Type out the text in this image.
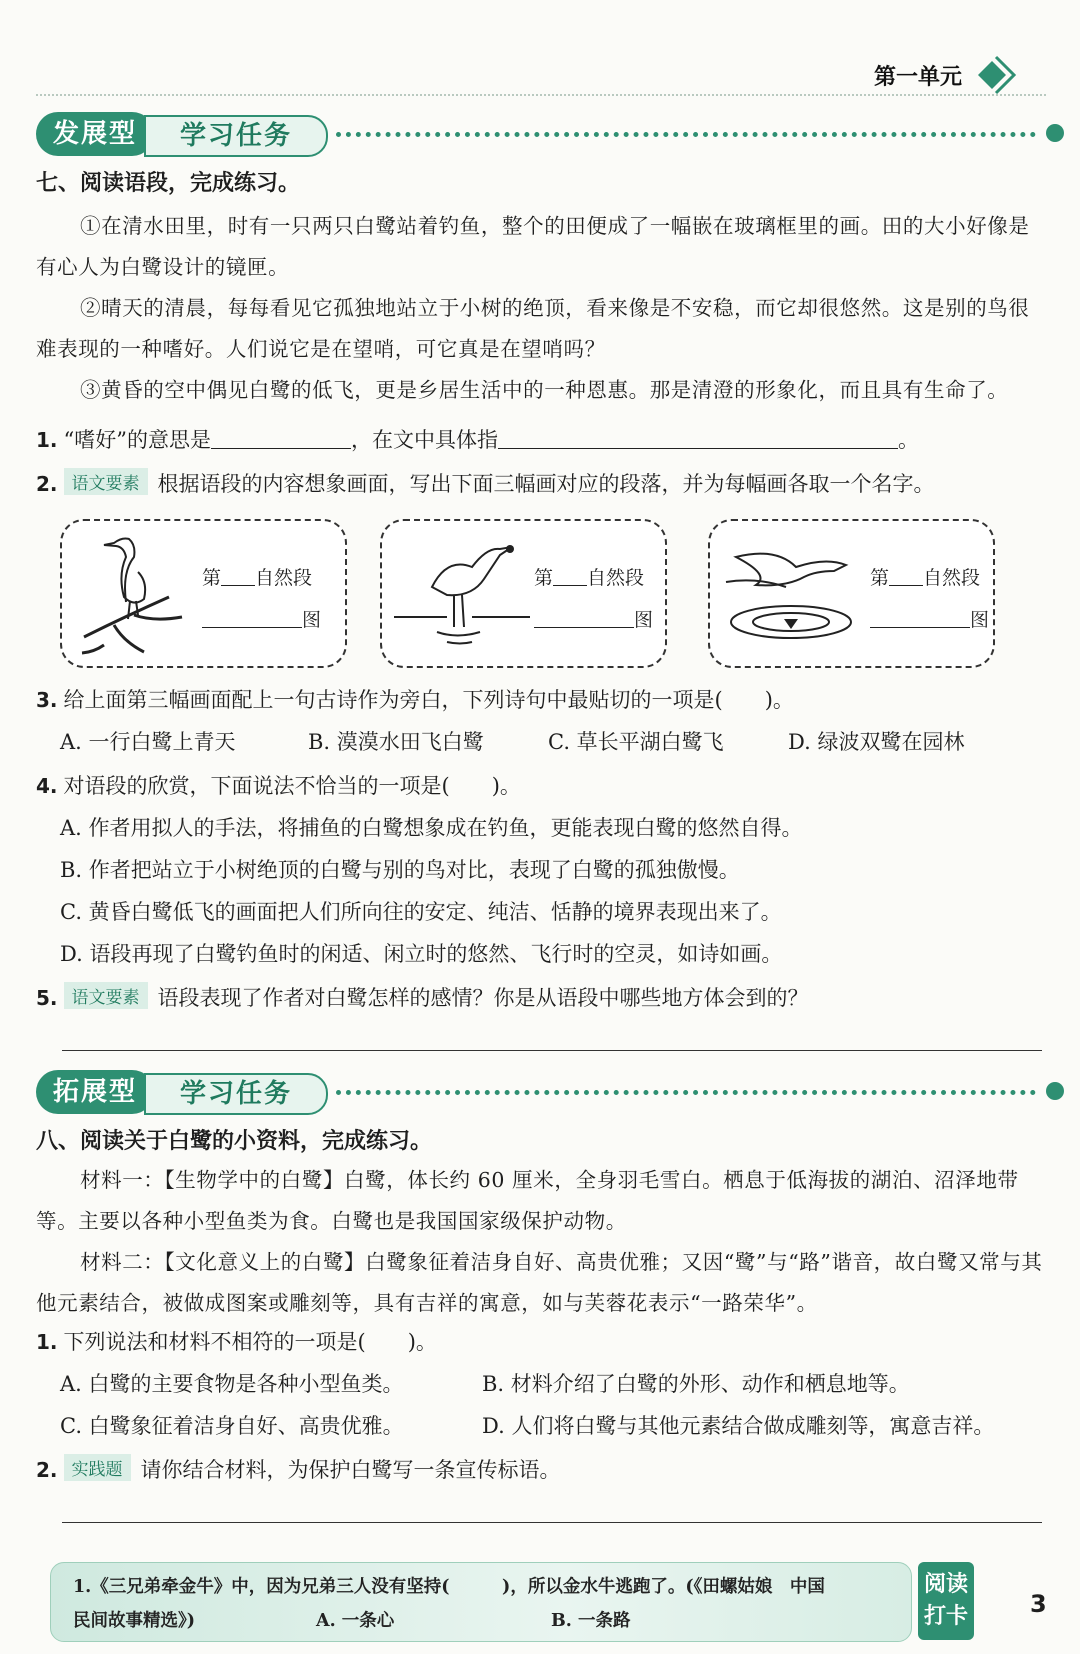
第一单元
发展型	学习任务
七、阅读语段，完成练习。

①在清水田里，时有一只两只白鹭站着钓鱼，整个的田便成了一幅嵌在玻璃框里的画。田的大小好像是有心人为白鹭设计的镜匣。

②晴天的清晨，每每看见它孤独地站立于小树的绝顶，看来像是不安稳，而它却很悠然。这是别的鸟很难表现的一种嗜好。人们说它是在望哨，可它真是在望哨吗？

③黄昏的空中偶见白鹭的低飞，更是乡居生活中的一种恩惠。那是清澄的形象化，而且具有生命了。

1. “嗜好”的意思是	，在文中具体指	。
2. 语文要素 根据语段的内容想象画面，写出下面三幅画对应的段落，并为每幅画各取一个名字。
第 自然段
图
第 自然段
图
第 自然段
图
3. 给上面第三幅画面配上一句古诗作为旁白，下列诗句中最贴切的一项是(　　)。
A. 一行白鹭上青天	B. 漠漠水田飞白鹭	C. 草长平湖白鹭飞	D. 绿波双鹭在园林
4. 对语段的欣赏，下面说法不恰当的一项是(　　)。
A. 作者用拟人的手法，将捕鱼的白鹭想象成在钓鱼，更能表现白鹭的悠然自得。
B. 作者把站立于小树绝顶的白鹭与别的鸟对比，表现了白鹭的孤独傲慢。
C. 黄昏白鹭低飞的画面把人们所向往的安定、纯洁、恬静的境界表现出来了。
D. 语段再现了白鹭钓鱼时的闲适、闲立时的悠然、飞行时的空灵，如诗如画。
5. 语文要素 语段表现了作者对白鹭怎样的感情？你是从语段中哪些地方体会到的？
拓展型	学习任务
八、阅读关于白鹭的小资料，完成练习。

材料一：【生物学中的白鹭】白鹭，体长约 60 厘米，全身羽毛雪白。栖息于低海拔的湖泊、沼泽地带等。主要以各种小型鱼类为食。白鹭也是我国国家级保护动物。

材料二：【文化意义上的白鹭】白鹭象征着洁身自好、高贵优雅；又因“鹭”与“路”谐音，故白鹭又常与其他元素结合，被做成图案或雕刻等，具有吉祥的寓意，如与芙蓉花表示“一路荣华”。

1. 下列说法和材料不相符的一项是(　　)。
A. 白鹭的主要食物是各种小型鱼类。	B. 材料介绍了白鹭的外形、动作和栖息地等。
C. 白鹭象征着洁身自好、高贵优雅。	D. 人们将白鹭与其他元素结合做成雕刻等，寓意吉祥。
2. 实践题 请你结合材料，为保护白鹭写一条宣传标语。
1.《三兄弟牵金牛》中，因为兄弟三人没有坚持(　　　)，所以金水牛逃跑了。(《田螺姑娘　中国
民间故事精选》)	A. 一条心	B. 一条路
阅读
打卡	3
